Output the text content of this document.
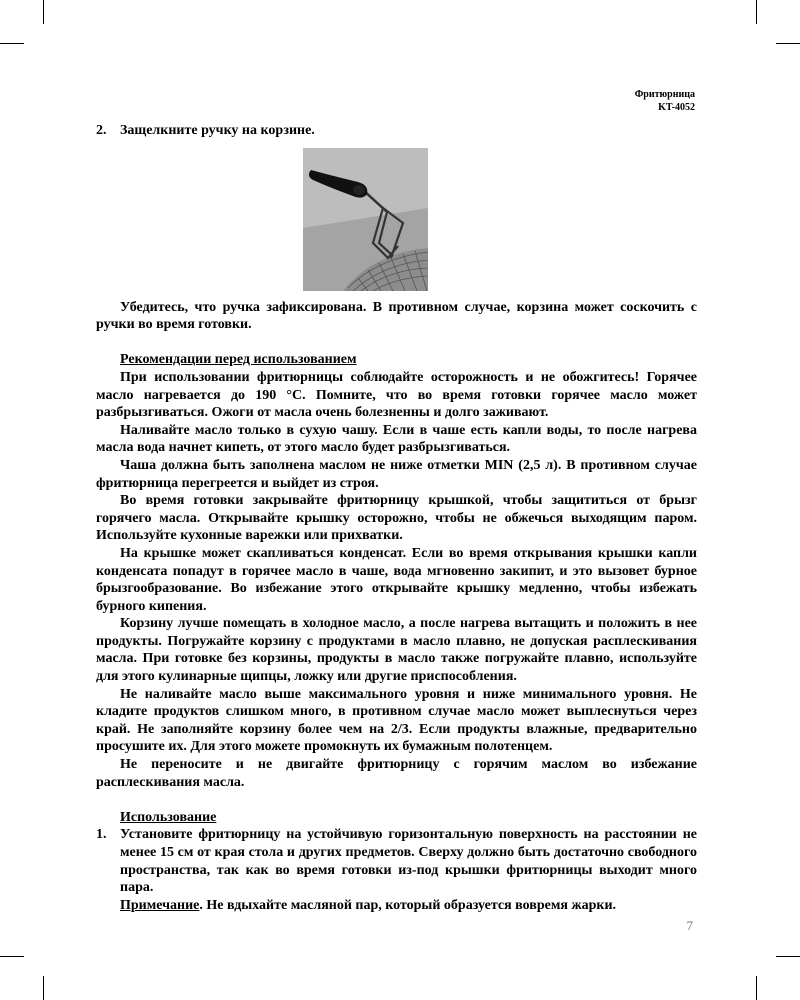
Фритюрница
KT-4052
2. Защелкните ручку на корзине.

Убедитесь, что ручка зафиксирована. В противном случае, корзина может соскочить с ручки во время готовки.

Рекомендации перед использованием

При использовании фритюрницы соблюдайте осторожность и не обожгитесь! Горячее масло нагревается до 190 °С. Помните, что во время готовки горячее масло может разбрызгиваться. Ожоги от масла очень болезненны и долго заживают.

Наливайте масло только в сухую чашу. Если в чаше есть капли воды, то после нагрева масла вода начнет кипеть, от этого масло будет разбрызгиваться.

Чаша должна быть заполнена маслом не ниже отметки MIN (2,5 л). В противном случае фритюрница перегреется и выйдет из строя.

Во время готовки закрывайте фритюрницу крышкой, чтобы защититься от брызг горячего масла. Открывайте крышку осторожно, чтобы не обжечься выходящим паром. Используйте кухонные варежки или прихватки.

На крышке может скапливаться конденсат. Если во время открывания крышки капли конденсата попадут в горячее масло в чаше, вода мгновенно закипит, и это вызовет бурное брызгообразование. Во избежание этого открывайте крышку медленно, чтобы избежать бурного кипения.

Корзину лучше помещать в холодное масло, а после нагрева вытащить и положить в нее продукты. Погружайте корзину с продуктами в масло плавно, не допуская расплескивания масла. При готовке без корзины, продукты в масло также погружайте плавно, используйте для этого кулинарные щипцы, ложку или другие приспособления.

Не наливайте масло выше максимального уровня и ниже минимального уровня. Не кладите продуктов слишком много, в противном случае масло может выплеснуться через край. Не заполняйте корзину более чем на 2/3. Если продукты влажные, предварительно просушите их. Для этого можете промокнуть их бумажным полотенцем.

Не переносите и не двигайте фритюрницу с горячим маслом во избежание расплескивания масла.

Использование
1. Установите фритюрницу на устойчивую горизонтальную поверхность на расстоянии не менее 15 см от края стола и других предметов. Сверху должно быть достаточно свободного пространства, так как во время готовки из-под крышки фритюрницы выходит много пара.
Примечание. Не вдыхайте масляной пар, который образуется вовремя жарки.
7
